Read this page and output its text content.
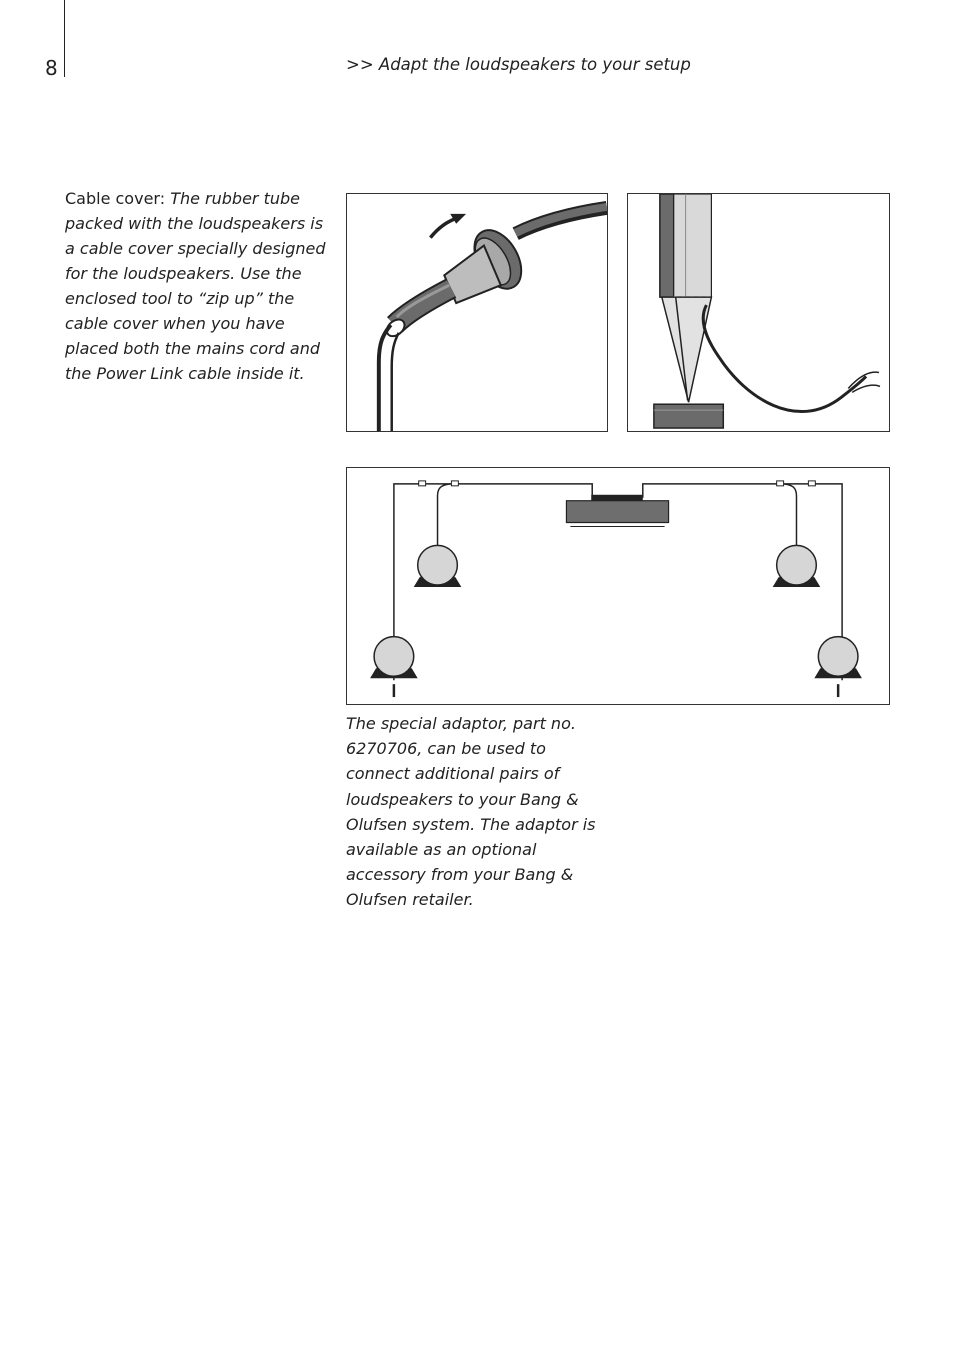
8	>> Adapt the loudspeakers to your setup
Cable cover: The rubber tube packed with the loudspeakers is a cable cover specially designed for the loudspeakers. Use the enclosed tool to “zip up” the cable cover when you have placed both the mains cord and the Power Link cable inside it.
The special adaptor, part no. 6270706, can be used to connect additional pairs of loudspeakers to your Bang & Olufsen system. The adaptor is available as an optional accessory from your Bang & Olufsen retailer.
